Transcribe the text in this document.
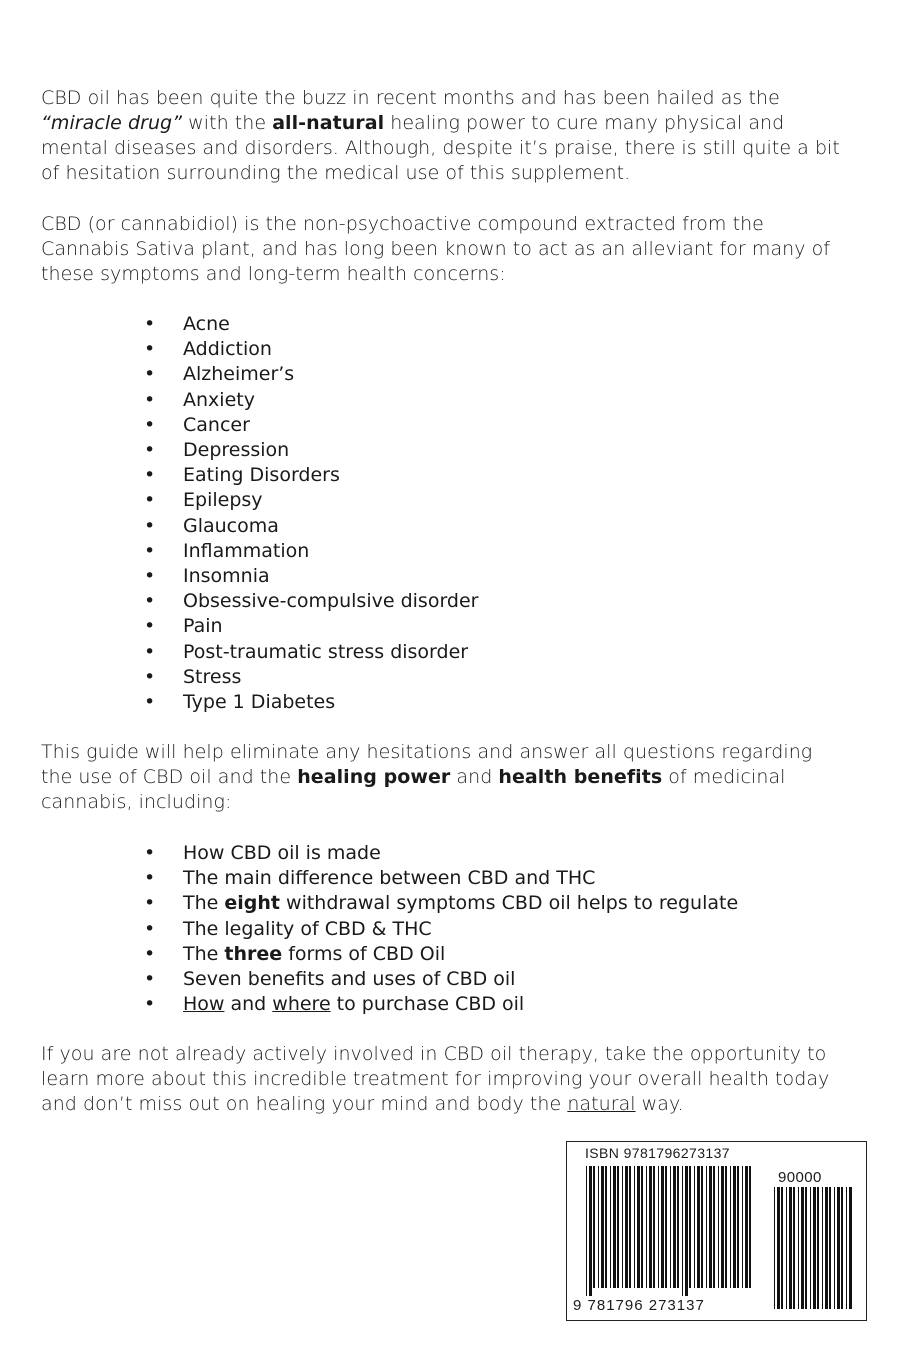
CBD oil has been quite the buzz in recent months and has been hailed as the “miracle drug” with the all-natural healing power to cure many physical and mental diseases and disorders. Although, despite it’s praise, there is still quite a bit of hesitation surrounding the medical use of this supplement.

CBD (or cannabidiol) is the non-psychoactive compound extracted from the Cannabis Sativa plant, and has long been known to act as an alleviant for many of these symptoms and long-term health concerns:

• Acne
• Addiction
• Alzheimer’s
• Anxiety
• Cancer
• Depression
• Eating Disorders
• Epilepsy
• Glaucoma
• Inflammation
• Insomnia
• Obsessive-compulsive disorder
• Pain
• Post-traumatic stress disorder
• Stress
• Type 1 Diabetes

This guide will help eliminate any hesitations and answer all questions regarding the use of CBD oil and the healing power and health benefits of medicinal cannabis, including:

• How CBD oil is made
• The main difference between CBD and THC
• The eight withdrawal symptoms CBD oil helps to regulate
• The legality of CBD & THC
• The three forms of CBD Oil
• Seven benefits and uses of CBD oil
• How and where to purchase CBD oil

If you are not already actively involved in CBD oil therapy, take the opportunity to learn more about this incredible treatment for improving your overall health today and don’t miss out on healing your mind and body the natural way.

ISBN 9781796273137
90000
9 781796 273137
